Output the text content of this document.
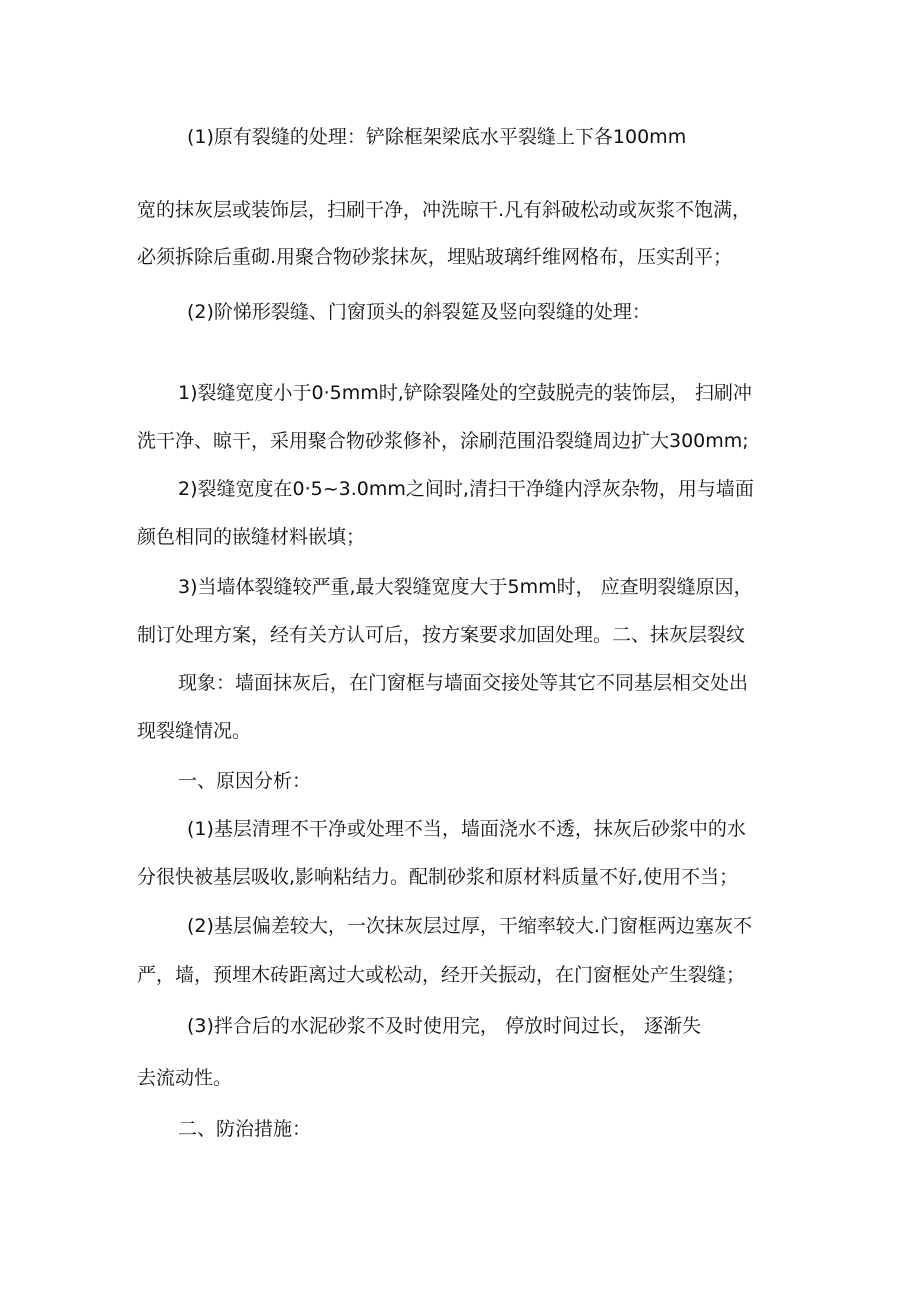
(1)原有裂缝的处理：铲除框架梁底水平裂缝上下各100mm
宽的抹灰层或装饰层，扫刷干净，冲洗晾干.凡有斜破松动或灰浆不饱满，
必须拆除后重砌.用聚合物砂浆抹灰，埋贴玻璃纤维网格布，压实刮平；
(2)阶悌形裂缝、门窗顶头的斜裂筵及竖向裂缝的处理：
1)裂缝宽度小于0·5mm时,铲除裂隆处的空鼓脱壳的装饰层， 扫刷冲
洗干净、晾干，采用聚合物砂浆修补，涂刷范围沿裂缝周边扩大300mm;
2)裂缝宽度在0·5~3.0mm之间时,清扫干净缝内浮灰杂物，用与墙面
颜色相同的嵌缝材料嵌填；
3)当墙体裂缝较严重,最大裂缝宽度大于5mm时， 应查明裂缝原因，
制订处理方案，经有关方认可后，按方案要求加固处理。二、抹灰层裂纹
现象：墙面抹灰后，在门窗框与墙面交接处等其它不同基层相交处出
现裂缝情况。
一、原因分析：
(1)基层清理不干净或处理不当，墙面浇水不透，抹灰后砂浆中的水
分很快被基层吸收,影响粘结力。配制砂浆和原材料质量不好,使用不当；
(2)基层偏差较大，一次抹灰层过厚，干缩率较大.门窗框两边塞灰不
严，墙，预埋木砖距离过大或松动，经开关振动，在门窗框处产生裂缝；
(3)拌合后的水泥砂浆不及时使用完， 停放时间过长， 逐渐失
去流动性。
二、防治措施：
